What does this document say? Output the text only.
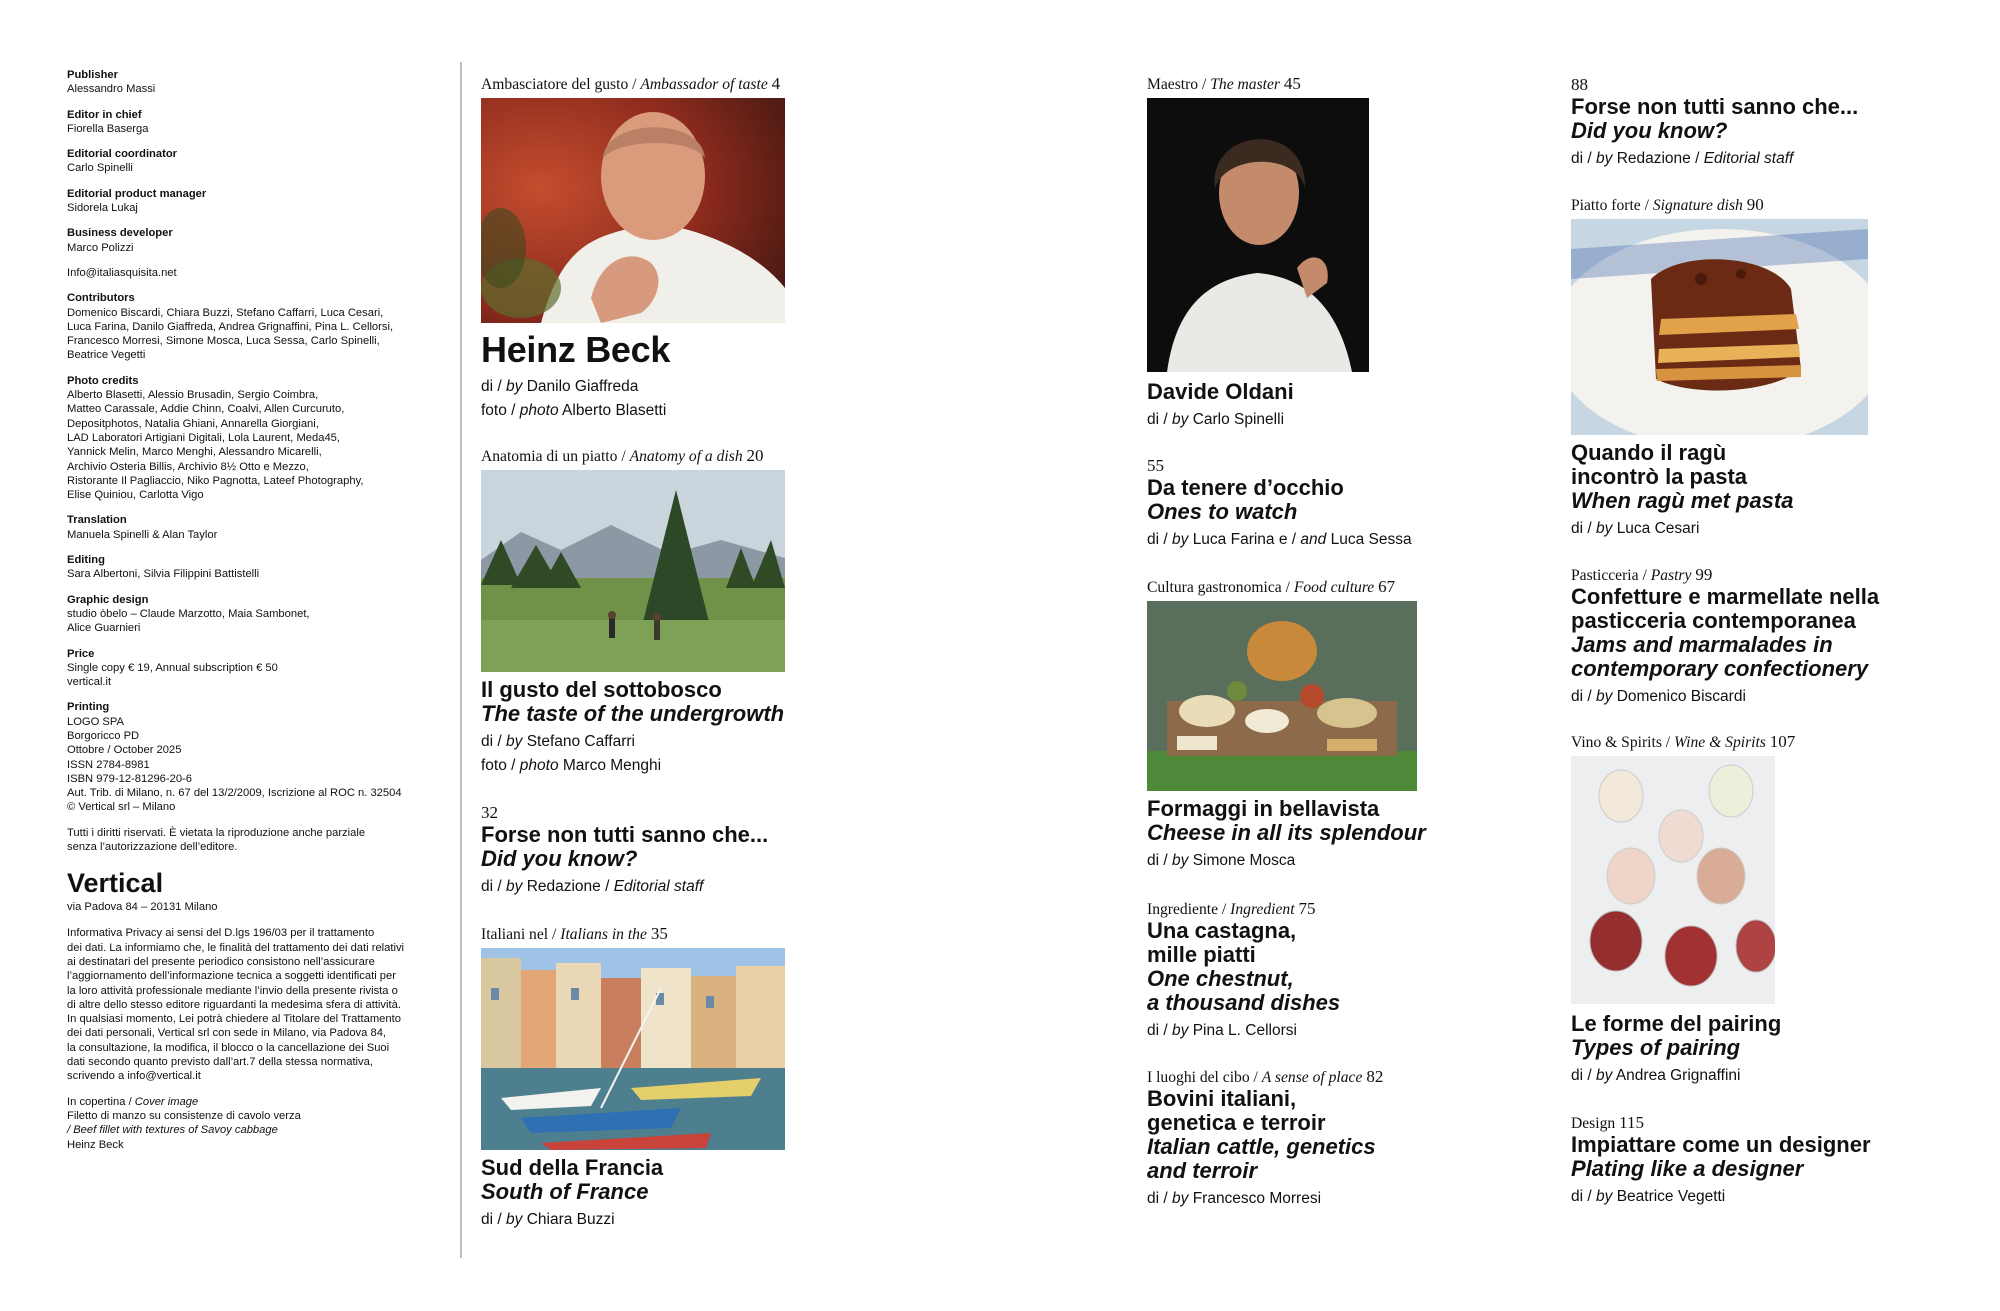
Publisher
Alessandro Massi
Editor in chief
Fiorella Baserga
Editorial coordinator
Carlo Spinelli
Editorial product manager
Sidorela Lukaj
Business developer
Marco Polizzi
Info@italiasquisita.net
Contributors
Domenico Biscardi, Chiara Buzzi, Stefano Caffarri, Luca Cesari,
Luca Farina, Danilo Giaffreda, Andrea Grignaffini, Pina L. Cellorsi,
Francesco Morresi, Simone Mosca, Luca Sessa, Carlo Spinelli,
Beatrice Vegetti
Photo credits
Alberto Blasetti, Alessio Brusadin, Sergio Coimbra,
Matteo Carassale, Addie Chinn, Coalvi, Allen Curcuruto,
Depositphotos, Natalia Ghiani, Annarella Giorgiani,
LAD Laboratori Artigiani Digitali, Lola Laurent, Meda45,
Yannick Melin, Marco Menghi, Alessandro Micarelli,
Archivio Osteria Billis, Archivio 8½ Otto e Mezzo,
Ristorante Il Pagliaccio, Niko Pagnotta, Lateef Photography,
Elise Quiniou, Carlotta Vigo
Translation
Manuela Spinelli & Alan Taylor
Editing
Sara Albertoni, Silvia Filippini Battistelli
Graphic design
studio òbelo – Claude Marzotto, Maia Sambonet,
Alice Guarnieri
Price
Single copy € 19, Annual subscription € 50
vertical.it
Printing
LOGO SPA
Borgoricco PD
Ottobre / October 2025
ISSN 2784-8981
ISBN 979-12-81296-20-6
Aut. Trib. di Milano, n. 67 del 13/2/2009, Iscrizione al ROC n. 32504
© Vertical srl – Milano
Tutti i diritti riservati. È vietata la riproduzione anche parziale
senza l’autorizzazione dell’editore.
Vertical
via Padova 84 – 20131 Milano
Informativa Privacy ai sensi del D.lgs 196/03 per il trattamento
dei dati. La informiamo che, le finalità del trattamento dei dati relativi
ai destinatari del presente periodico consistono nell’assicurare
l’aggiornamento dell’informazione tecnica a soggetti identificati per
la loro attività professionale mediante l’invio della presente rivista o
di altre dello stesso editore riguardanti la medesima sfera di attività.
In qualsiasi momento, Lei potrà chiedere al Titolare del Trattamento
dei dati personali, Vertical srl con sede in Milano, via Padova 84,
la consultazione, la modifica, il blocco o la cancellazione dei Suoi
dati secondo quanto previsto dall’art.7 della stessa normativa,
scrivendo a info@vertical.it
In copertina / Cover image
Filetto di manzo su consistenze di cavolo verza
/ Beef fillet with textures of Savoy cabbage
Heinz Beck
Ambasciatore del gusto / Ambassador of taste 4
Heinz Beck
di / by Danilo Giaffreda
foto / photo Alberto Blasetti
Anatomia di un piatto / Anatomy of a dish 20
Il gusto del sottobosco
The taste of the undergrowth
di / by Stefano Caffarri
foto / photo Marco Menghi
32
Forse non tutti sanno che...
Did you know?
di / by Redazione / Editorial staff
Italiani nel / Italians in the 35
Sud della Francia
South of France
di / by Chiara Buzzi
Maestro / The master 45
Davide Oldani
di / by Carlo Spinelli
55
Da tenere d’occhio
Ones to watch
di / by Luca Farina e / and Luca Sessa
Cultura gastronomica / Food culture 67
Formaggi in bellavista
Cheese in all its splendour
di / by Simone Mosca
Ingrediente / Ingredient 75
Una castagna,
mille piatti
One chestnut,
a thousand dishes
di / by Pina L. Cellorsi
I luoghi del cibo / A sense of place 82
Bovini italiani,
genetica e terroir
Italian cattle, genetics
and terroir
di / by Francesco Morresi
88
Forse non tutti sanno che...
Did you know?
di / by Redazione / Editorial staff
Piatto forte / Signature dish 90
Quando il ragù
incontrò la pasta
When ragù met pasta
di / by Luca Cesari
Pasticceria / Pastry 99
Confetture e marmellate nella
pasticceria contemporanea
Jams and marmalades in
contemporary confectionery
di / by Domenico Biscardi
Vino & Spirits / Wine & Spirits 107
Le forme del pairing
Types of pairing
di / by Andrea Grignaffini
Design 115
Impiattare come un designer
Plating like a designer
di / by Beatrice Vegetti
